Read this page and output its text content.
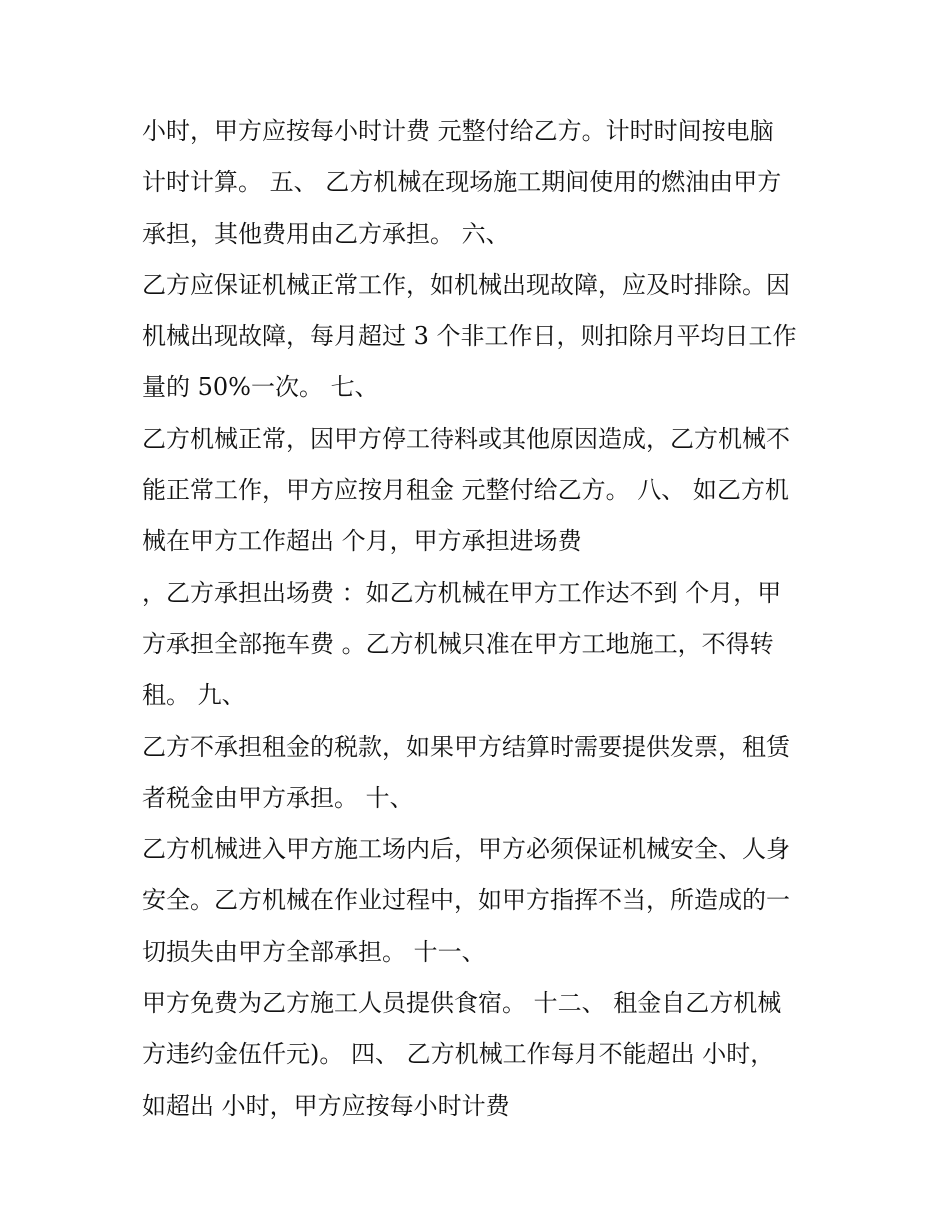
小时，甲方应按每小时计费 元整付给乙方。计时时间按电脑
计时计算。 五、 乙方机械在现场施工期间使用的燃油由甲方
承担，其他费用由乙方承担。 六、
乙方应保证机械正常工作，如机械出现故障，应及时排除。因
机械出现故障，每月超过 3 个非工作日，则扣除月平均日工作
量的 50%一次。 七、
乙方机械正常，因甲方停工待料或其他原因造成，乙方机械不
能正常工作，甲方应按月租金 元整付给乙方。 八、 如乙方机
械在甲方工作超出 个月，甲方承担进场费
，乙方承担出场费 ：如乙方机械在甲方工作达不到 个月，甲
方承担全部拖车费 。乙方机械只准在甲方工地施工，不得转
租。 九、
乙方不承担租金的税款，如果甲方结算时需要提供发票，租赁
者税金由甲方承担。 十、
乙方机械进入甲方施工场内后，甲方必须保证机械安全、人身
安全。乙方机械在作业过程中，如甲方指挥不当，所造成的一
切损失由甲方全部承担。 十一、
甲方免费为乙方施工人员提供食宿。 十二、 租金自乙方机械
方违约金伍仟元)。 四、 乙方机械工作每月不能超出 小时，
如超出 小时，甲方应按每小时计费
